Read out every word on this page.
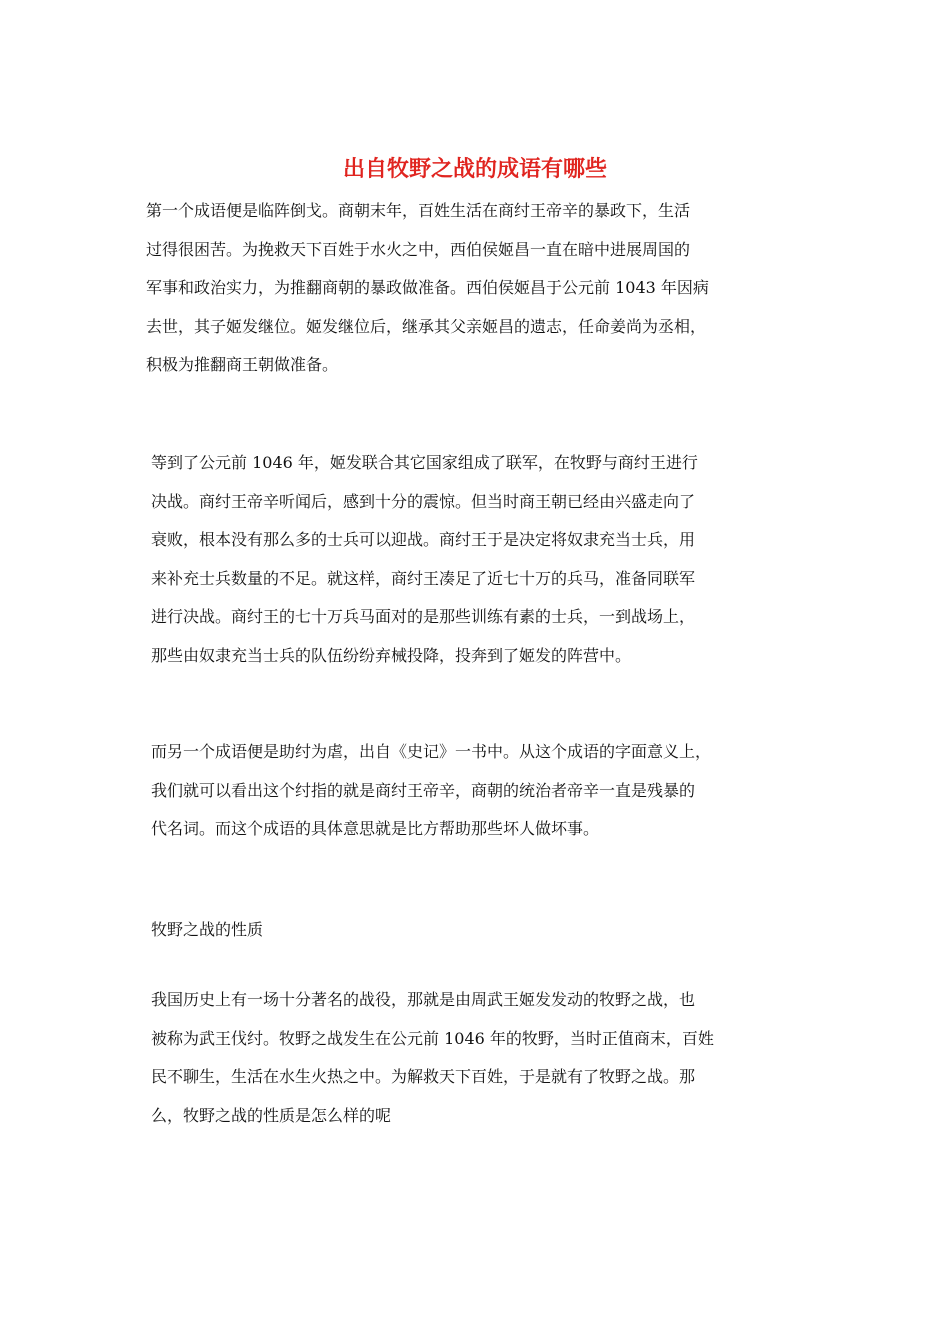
出自牧野之战的成语有哪些

第一个成语便是临阵倒戈。商朝末年，百姓生活在商纣王帝辛的暴政下，生活
过得很困苦。为挽救天下百姓于水火之中，西伯侯姬昌一直在暗中进展周国的
军事和政治实力，为推翻商朝的暴政做准备。西伯侯姬昌于公元前 1043 年因病
去世，其子姬发继位。姬发继位后，继承其父亲姬昌的遗志，任命姜尚为丞相，
积极为推翻商王朝做准备。

等到了公元前 1046 年，姬发联合其它国家组成了联军，在牧野与商纣王进行
决战。商纣王帝辛听闻后，感到十分的震惊。但当时商王朝已经由兴盛走向了
衰败，根本没有那么多的士兵可以迎战。商纣王于是决定将奴隶充当士兵，用
来补充士兵数量的不足。就这样，商纣王凑足了近七十万的兵马，准备同联军
进行决战。商纣王的七十万兵马面对的是那些训练有素的士兵，一到战场上，
那些由奴隶充当士兵的队伍纷纷弃械投降，投奔到了姬发的阵营中。

而另一个成语便是助纣为虐，出自《史记》一书中。从这个成语的字面意义上，
我们就可以看出这个纣指的就是商纣王帝辛，商朝的统治者帝辛一直是残暴的
代名词。而这个成语的具体意思就是比方帮助那些坏人做坏事。

牧野之战的性质

我国历史上有一场十分著名的战役，那就是由周武王姬发发动的牧野之战，也
被称为武王伐纣。牧野之战发生在公元前 1046 年的牧野，当时正值商末，百姓
民不聊生，生活在水生火热之中。为解救天下百姓，于是就有了牧野之战。那
么，牧野之战的性质是怎么样的呢
